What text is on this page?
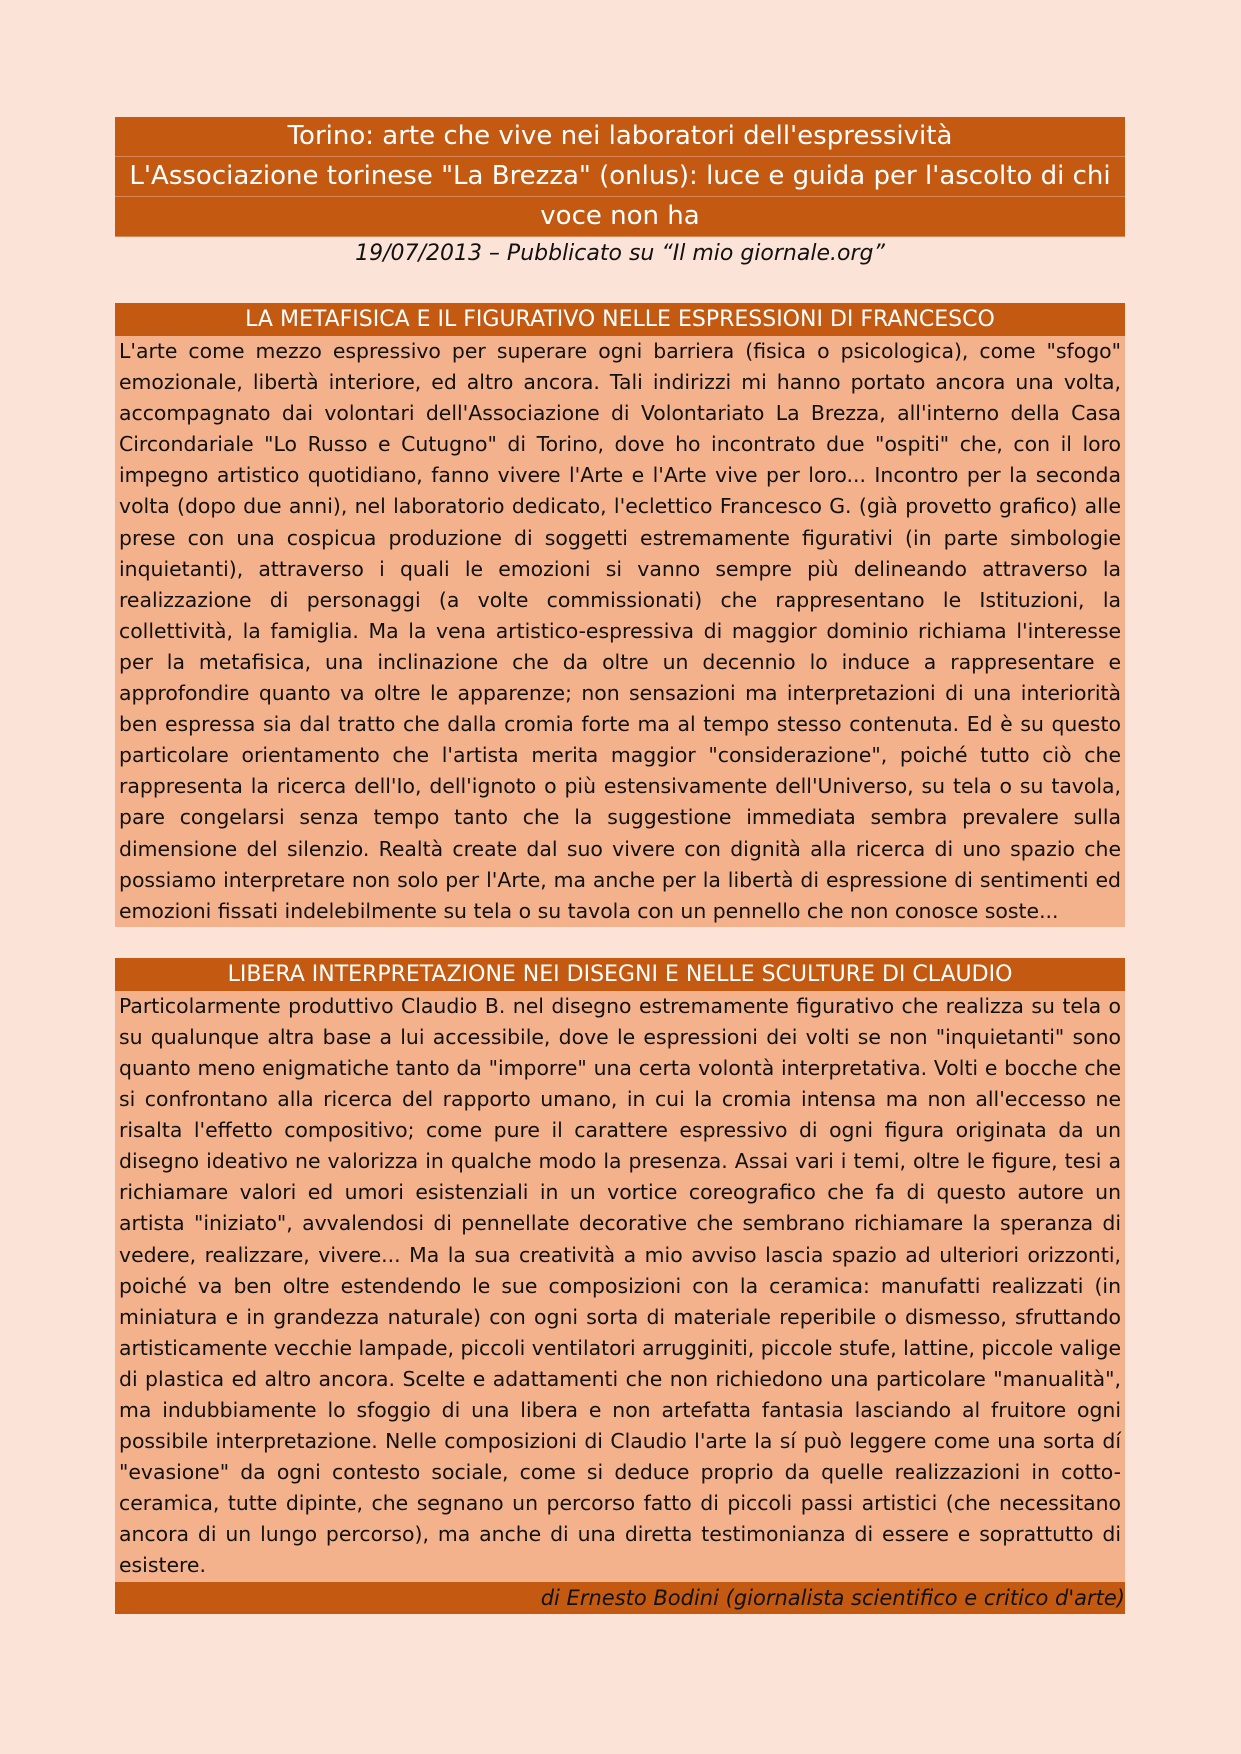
Torino: arte che vive nei laboratori dell'espressività
L'Associazione torinese "La Brezza" (onlus): luce e guida per l'ascolto di chi
voce non ha
19/07/2013 – Pubblicato su “Il mio giornale.org”
LA METAFISICA E IL FIGURATIVO NELLE ESPRESSIONI DI FRANCESCO
L'arte come mezzo espressivo per superare ogni barriera (fisica o psicologica), come "sfogo" emozionale, libertà interiore, ed altro ancora. Tali indirizzi mi hanno portato ancora una volta, accompagnato dai volontari dell'Associazione di Volontariato La Brezza, all'interno della Casa Circondariale "Lo Russo e Cutugno" di Torino, dove ho incontrato due "ospiti" che, con il loro impegno artistico quotidiano, fanno vivere l'Arte e l'Arte vive per loro... Incontro per la seconda volta (dopo due anni), nel laboratorio dedicato, l'eclettico Francesco G. (già provetto grafico) alle prese con una cospicua produzione di soggetti estremamente figurativi (in parte simbologie inquietanti), attraverso i quali le emozioni si vanno sempre più delineando attraverso la realizzazione di personaggi (a volte commissionati) che rappresentano le Istituzioni, la collettività, la famiglia. Ma la vena artistico-espressiva di maggior dominio richiama l'interesse per la metafisica, una inclinazione che da oltre un decennio lo induce a rappresentare e approfondire quanto va oltre le apparenze; non sensazioni ma interpretazioni di una interiorità ben espressa sia dal tratto che dalla cromia forte ma al tempo stesso contenuta. Ed è su questo particolare orientamento che l'artista merita maggior "considerazione", poiché tutto ciò che rappresenta la ricerca dell'Io, dell'ignoto o più estensivamente dell'Universo, su tela o su tavola, pare congelarsi senza tempo tanto che la suggestione immediata sembra prevalere sulla dimensione del silenzio. Realtà create dal suo vivere con dignità alla ricerca di uno spazio che possiamo interpretare non solo per l'Arte, ma anche per la libertà di espressione di sentimenti ed emozioni fissati indelebilmente su tela o su tavola con un pennello che non conosce soste...
LIBERA INTERPRETAZIONE NEI DISEGNI E NELLE SCULTURE DI CLAUDIO
Particolarmente produttivo Claudio B. nel disegno estremamente figurativo che realizza su tela o su qualunque altra base a lui accessibile, dove le espressioni dei volti se non "inquietanti" sono quanto meno enigmatiche tanto da "imporre" una certa volontà interpretativa. Volti e bocche che si confrontano alla ricerca del rapporto umano, in cui la cromia intensa ma non all'eccesso ne risalta l'effetto compositivo; come pure il carattere espressivo di ogni figura originata da un disegno ideativo ne valorizza in qualche modo la presenza. Assai vari i temi, oltre le figure, tesi a richiamare valori ed umori esistenziali in un vortice coreografico che fa di questo autore un artista "iniziato", avvalendosi di pennellate decorative che sembrano richiamare la speranza di vedere, realizzare, vivere... Ma la sua creatività a mio avviso lascia spazio ad ulteriori orizzonti, poiché va ben oltre estendendo le sue composizioni con la ceramica: manufatti realizzati (in miniatura e in grandezza naturale) con ogni sorta di materiale reperibile o dismesso, sfruttando artisticamente vecchie lampade, piccoli ventilatori arrugginiti, piccole stufe, lattine, piccole valige di plastica ed altro ancora. Scelte e adattamenti che non richiedono una particolare "manualità", ma indubbiamente lo sfoggio di una libera e non artefatta fantasia lasciando al fruitore ogni possibile interpretazione. Nelle composizioni di Claudio l'arte la sí può leggere come una sorta dí "evasione" da ogni contesto sociale, come si deduce proprio da quelle realizzazioni in cotto-ceramica, tutte dipinte, che segnano un percorso fatto di piccoli passi artistici (che necessitano ancora di un lungo percorso), ma anche di una diretta testimonianza di essere e soprattutto di esistere.
di Ernesto Bodini (giornalista scientifico e critico d'arte)
